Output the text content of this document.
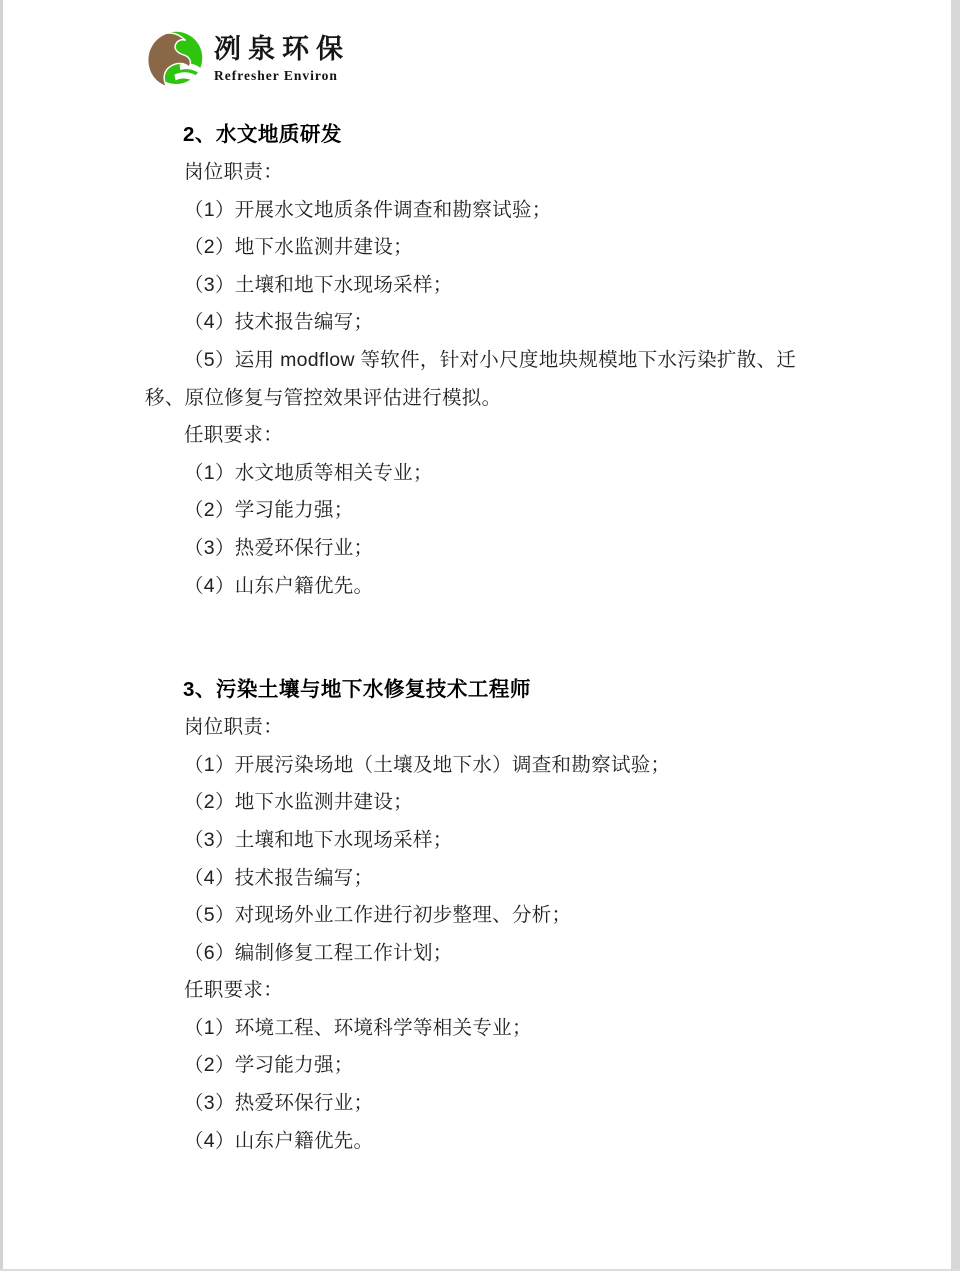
冽泉环保
Refresher Environ
2、水文地质研发

岗位职责：

（1）开展水文地质条件调查和勘察试验；

（2）地下水监测井建设；

（3）土壤和地下水现场采样；

（4）技术报告编写；

（5）运用 modflow 等软件，针对小尺度地块规模地下水污染扩散、迁移、原位修复与管控效果评估进行模拟。

任职要求：

（1）水文地质等相关专业；

（2）学习能力强；

（3）热爱环保行业；

（4）山东户籍优先。

3、污染土壤与地下水修复技术工程师

岗位职责：

（1）开展污染场地（土壤及地下水）调查和勘察试验；

（2）地下水监测井建设；

（3）土壤和地下水现场采样；

（4）技术报告编写；

（5）对现场外业工作进行初步整理、分析；

（6）编制修复工程工作计划；

任职要求：

（1）环境工程、环境科学等相关专业；

（2）学习能力强；

（3）热爱环保行业；

（4）山东户籍优先。
